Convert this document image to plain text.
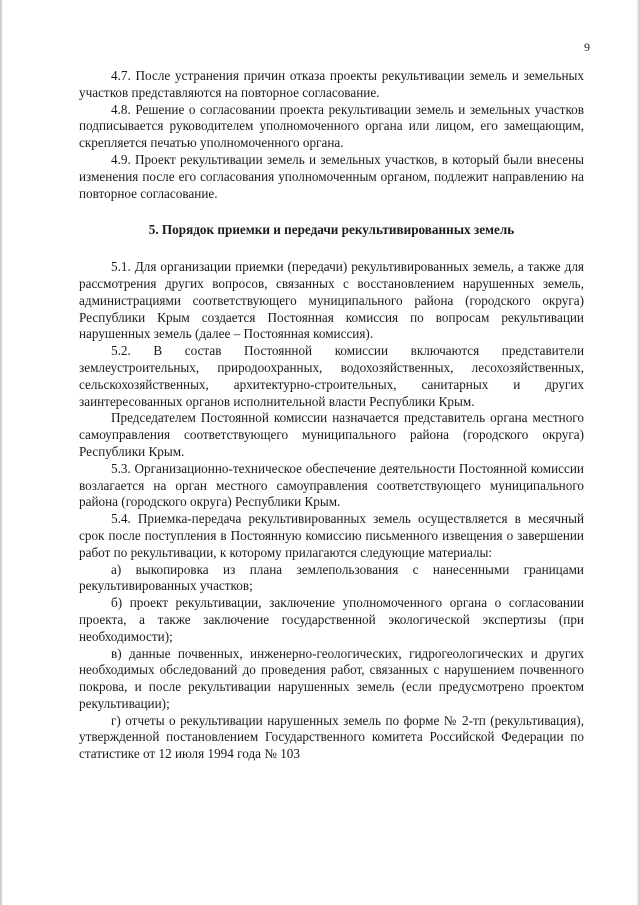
9

4.7. После устранения причин отказа проекты рекультивации земель и земельных участков представляются на повторное согласование.

4.8. Решение о согласовании проекта рекультивации земель и земельных участков подписывается руководителем уполномоченного органа или лицом, его замещающим, скрепляется печатью уполномоченного органа.

4.9. Проект рекультивации земель и земельных участков, в который были внесены изменения после его согласования уполномоченным органом, подлежит направлению на повторное согласование.

5. Порядок приемки и передачи рекультивированных земель

5.1. Для организации приемки (передачи) рекультивированных земель, а также для рассмотрения других вопросов, связанных с восстановлением нарушенных земель, администрациями соответствующего муниципального района (городского округа) Республики Крым создается Постоянная комиссия по вопросам рекультивации нарушенных земель (далее – Постоянная комиссия).

5.2. В состав Постоянной комиссии включаются представители землеустроительных, природоохранных, водохозяйственных, лесохозяйственных, сельскохозяйственных, архитектурно-строительных, санитарных и других заинтересованных органов исполнительной власти Республики Крым.

Председателем Постоянной комиссии назначается представитель органа местного самоуправления соответствующего муниципального района (городского округа) Республики Крым.

5.3. Организационно-техническое обеспечение деятельности Постоянной комиссии возлагается на орган местного самоуправления соответствующего муниципального района (городского округа) Республики Крым.

5.4. Приемка-передача рекультивированных земель осуществляется в месячный срок после поступления в Постоянную комиссию письменного извещения о завершении работ по рекультивации, к которому прилагаются следующие материалы:

а) выкопировка из плана землепользования с нанесенными границами рекультивированных участков;

б) проект рекультивации, заключение уполномоченного органа о согласовании проекта, а также заключение государственной экологической экспертизы (при необходимости);

в) данные почвенных, инженерно-геологических, гидрогеологических и других необходимых обследований до проведения работ, связанных с нарушением почвенного покрова, и после рекультивации нарушенных земель (если предусмотрено проектом рекультивации);

г) отчеты о рекультивации нарушенных земель по форме № 2-тп (рекультивация), утвержденной постановлением Государственного комитета Российской Федерации по статистике от 12 июля 1994 года № 103
